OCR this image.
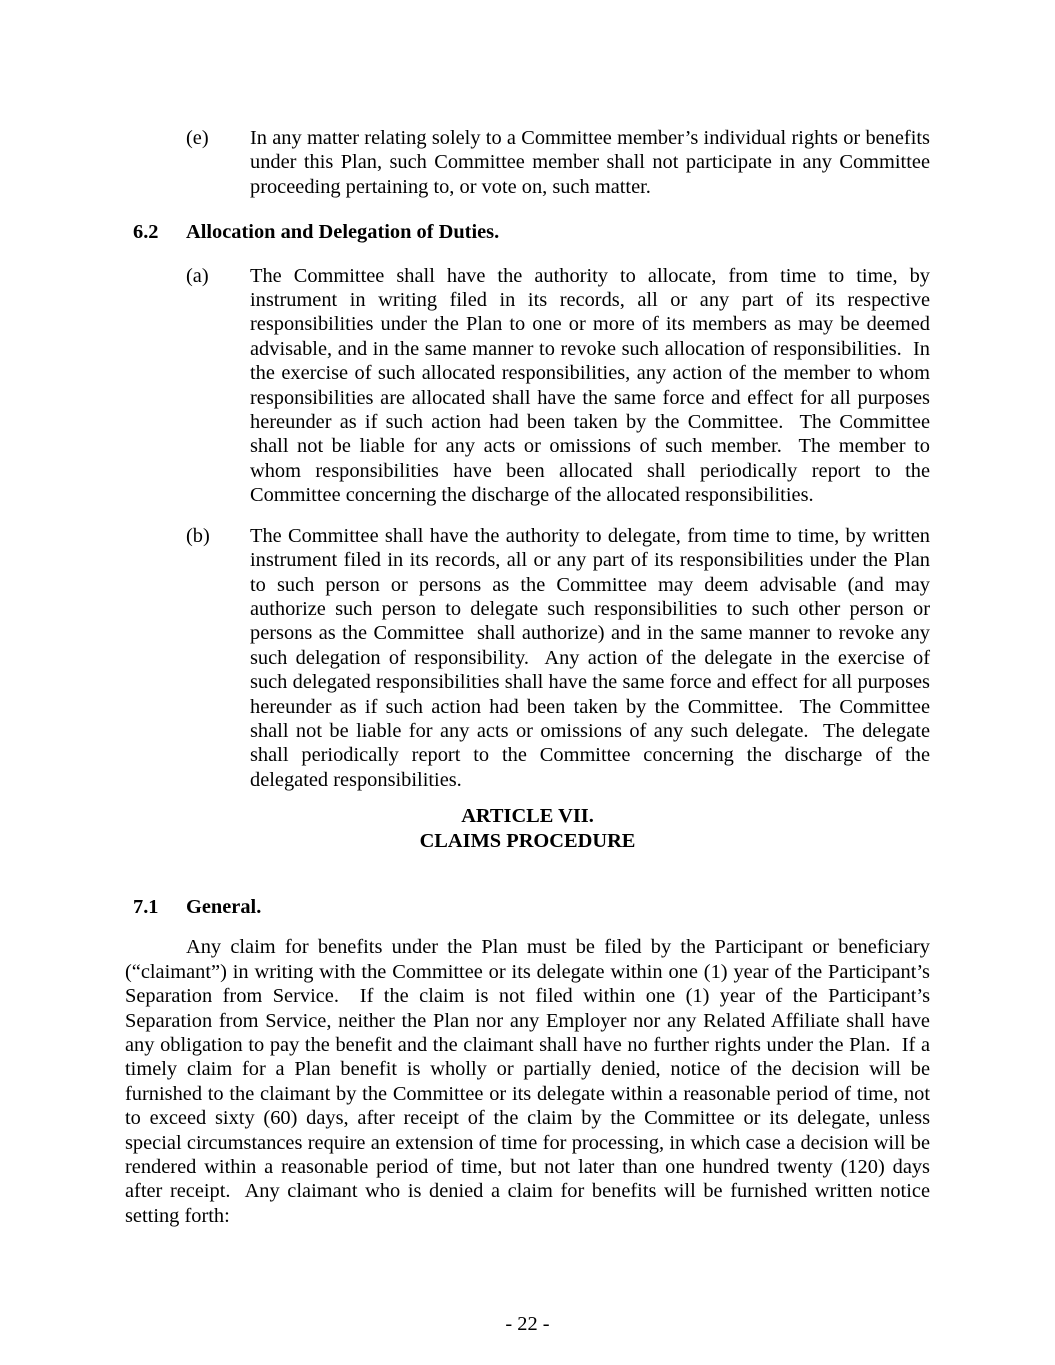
(e)	In any matter relating solely to a Committee member’s individual rights or benefits under this Plan, such Committee member shall not participate in any Committee proceeding pertaining to, or vote on, such matter.
6.2	Allocation and Delegation of Duties.
(a)	The Committee shall have the authority to allocate, from time to time, by instrument in writing filed in its records, all or any part of its respective responsibilities under the Plan to one or more of its members as may be deemed advisable, and in the same manner to revoke such allocation of responsibilities.  In the exercise of such allocated responsibilities, any action of the member to whom responsibilities are allocated shall have the same force and effect for all purposes hereunder as if such action had been taken by the Committee.  The Committee shall not be liable for any acts or omissions of such member.  The member to whom responsibilities have been allocated shall periodically report to the Committee concerning the discharge of the allocated responsibilities.
(b)	The Committee shall have the authority to delegate, from time to time, by written instrument filed in its records, all or any part of its responsibilities under the Plan to such person or persons as the Committee may deem advisable (and may authorize such person to delegate such responsibilities to such other person or persons as the Committee  shall authorize) and in the same manner to revoke any such delegation of responsibility.  Any action of the delegate in the exercise of such delegated responsibilities shall have the same force and effect for all purposes hereunder as if such action had been taken by the Committee.  The Committee shall not be liable for any acts or omissions of any such delegate.  The delegate shall periodically report to the Committee concerning the discharge of the delegated responsibilities.
ARTICLE VII.
CLAIMS PROCEDURE
7.1	General.
Any claim for benefits under the Plan must be filed by the Participant or beneficiary (“claimant”) in writing with the Committee or its delegate within one (1) year of the Participant’s Separation from Service.  If the claim is not filed within one (1) year of the Participant’s Separation from Service, neither the Plan nor any Employer nor any Related Affiliate shall have any obligation to pay the benefit and the claimant shall have no further rights under the Plan.  If a timely claim for a Plan benefit is wholly or partially denied, notice of the decision will be furnished to the claimant by the Committee or its delegate within a reasonable period of time, not to exceed sixty (60) days, after receipt of the claim by the Committee or its delegate, unless special circumstances require an extension of time for processing, in which case a decision will be rendered within a reasonable period of time, but not later than one hundred twenty (120) days after receipt.  Any claimant who is denied a claim for benefits will be furnished written notice setting forth:
- 22 -
